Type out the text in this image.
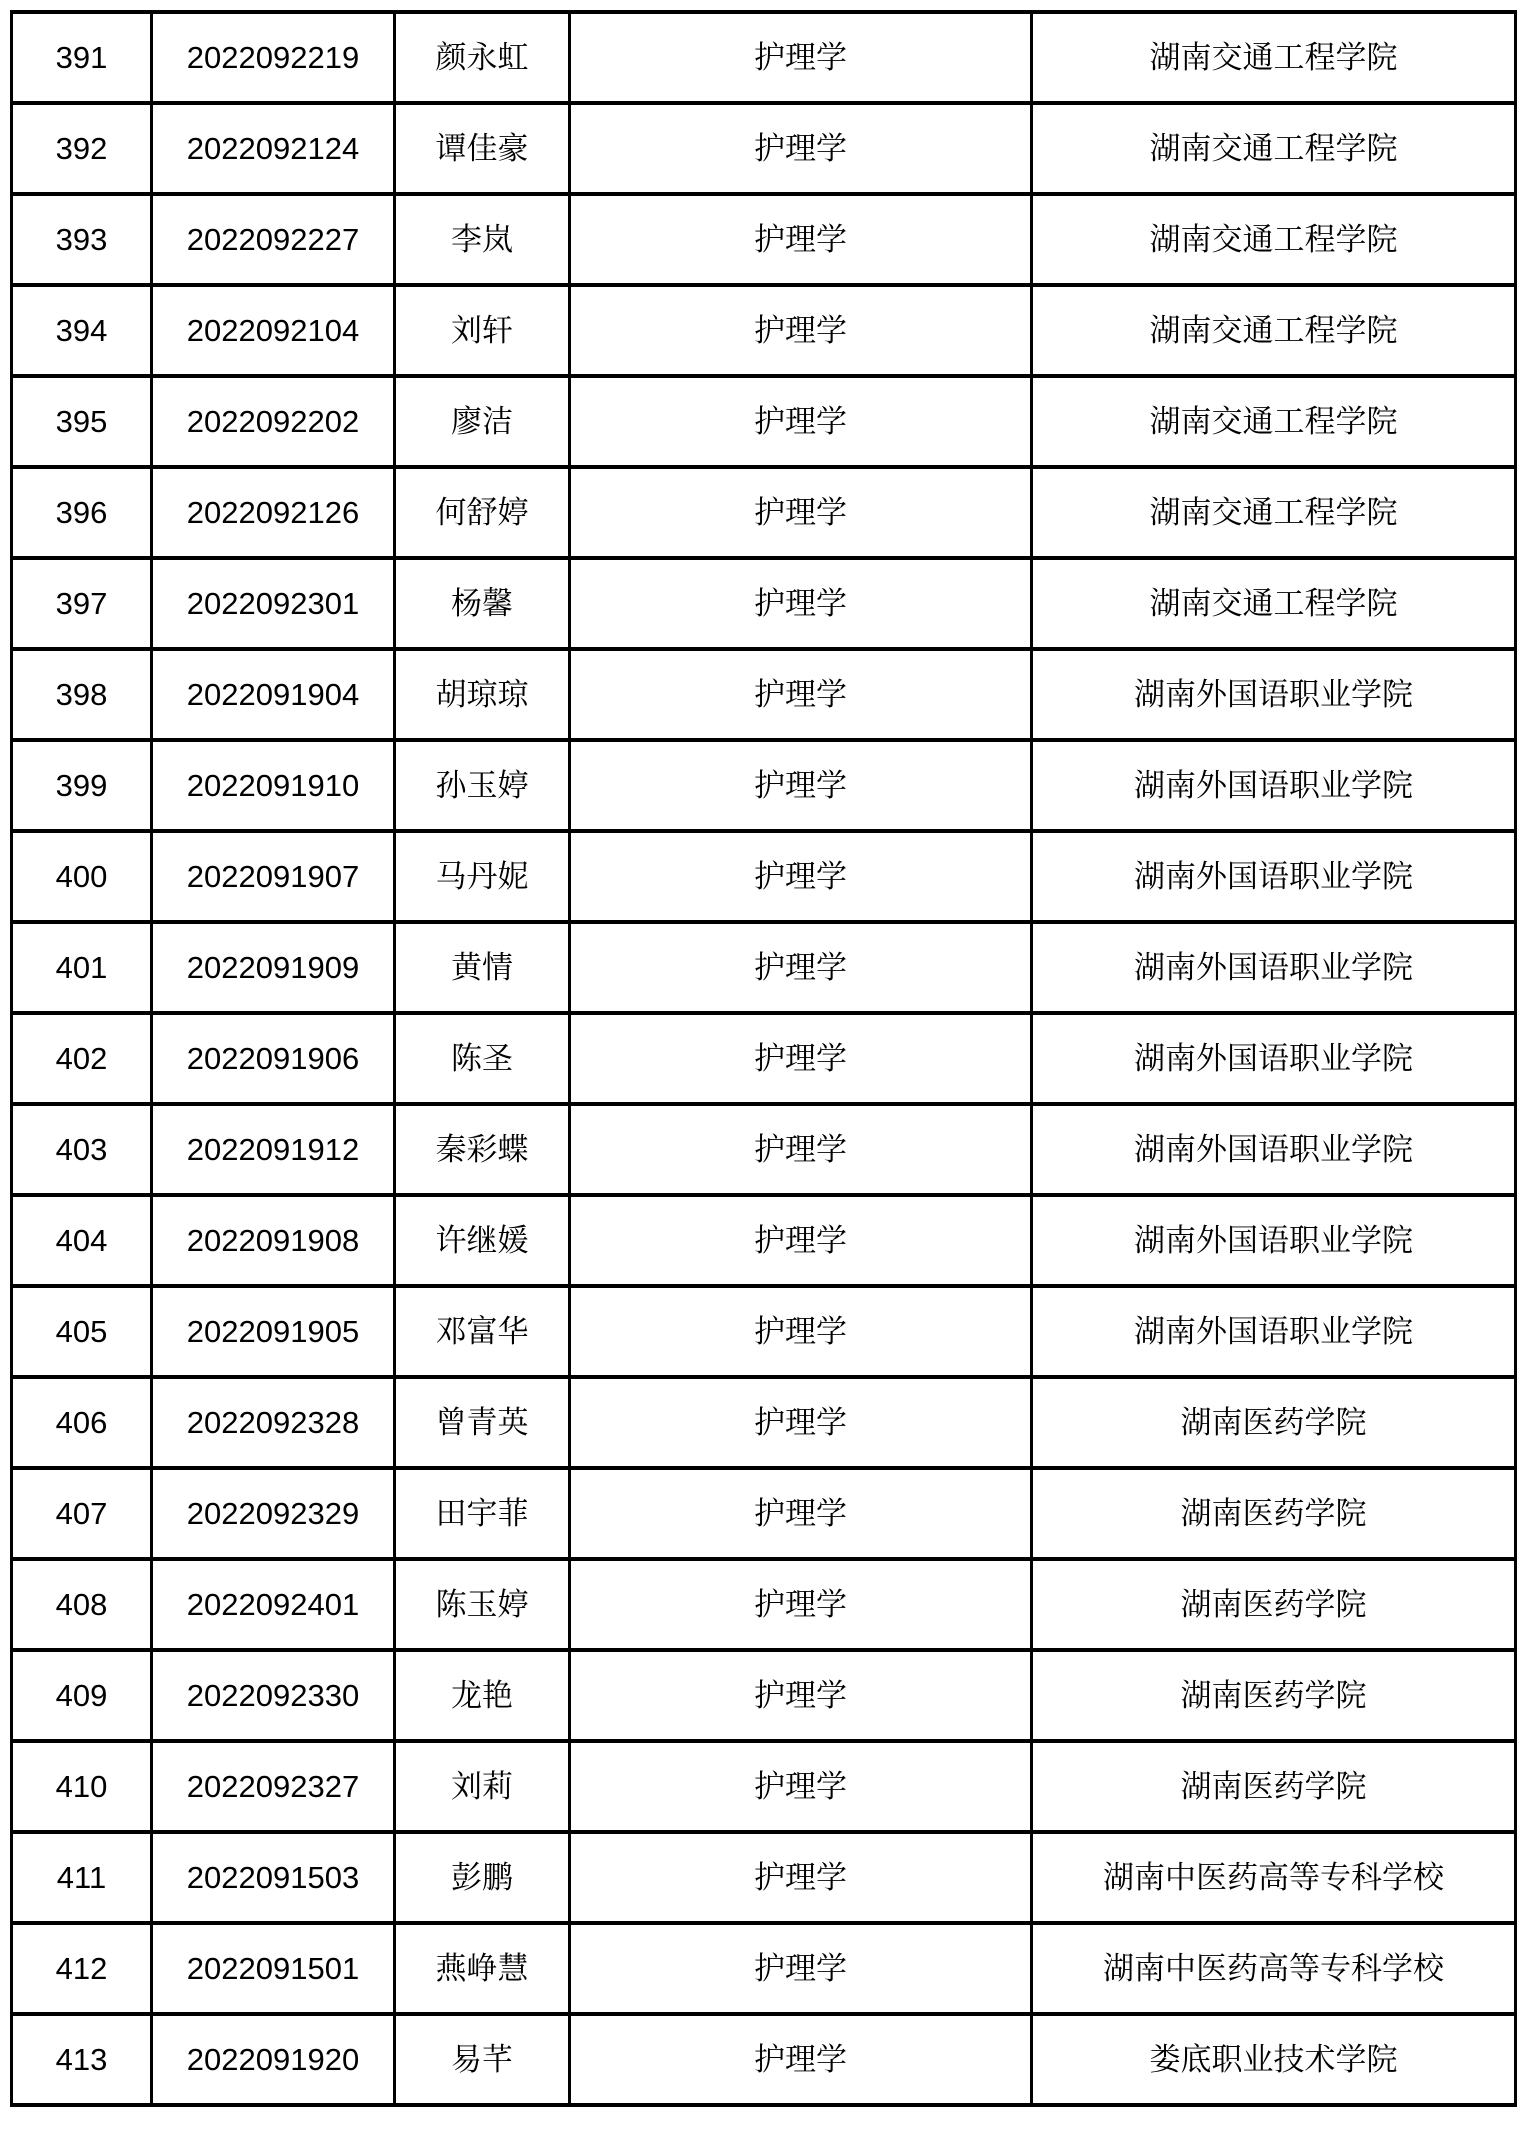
391	2022092219	颜永虹	护理学	湖南交通工程学院
392	2022092124	谭佳豪	护理学	湖南交通工程学院
393	2022092227	李岚	护理学	湖南交通工程学院
394	2022092104	刘轩	护理学	湖南交通工程学院
395	2022092202	廖洁	护理学	湖南交通工程学院
396	2022092126	何舒婷	护理学	湖南交通工程学院
397	2022092301	杨馨	护理学	湖南交通工程学院
398	2022091904	胡琼琼	护理学	湖南外国语职业学院
399	2022091910	孙玉婷	护理学	湖南外国语职业学院
400	2022091907	马丹妮	护理学	湖南外国语职业学院
401	2022091909	黄情	护理学	湖南外国语职业学院
402	2022091906	陈圣	护理学	湖南外国语职业学院
403	2022091912	秦彩蝶	护理学	湖南外国语职业学院
404	2022091908	许继媛	护理学	湖南外国语职业学院
405	2022091905	邓富华	护理学	湖南外国语职业学院
406	2022092328	曾青英	护理学	湖南医药学院
407	2022092329	田宇菲	护理学	湖南医药学院
408	2022092401	陈玉婷	护理学	湖南医药学院
409	2022092330	龙艳	护理学	湖南医药学院
410	2022092327	刘莉	护理学	湖南医药学院
411	2022091503	彭鹏	护理学	湖南中医药高等专科学校
412	2022091501	燕峥慧	护理学	湖南中医药高等专科学校
413	2022091920	易芊	护理学	娄底职业技术学院
